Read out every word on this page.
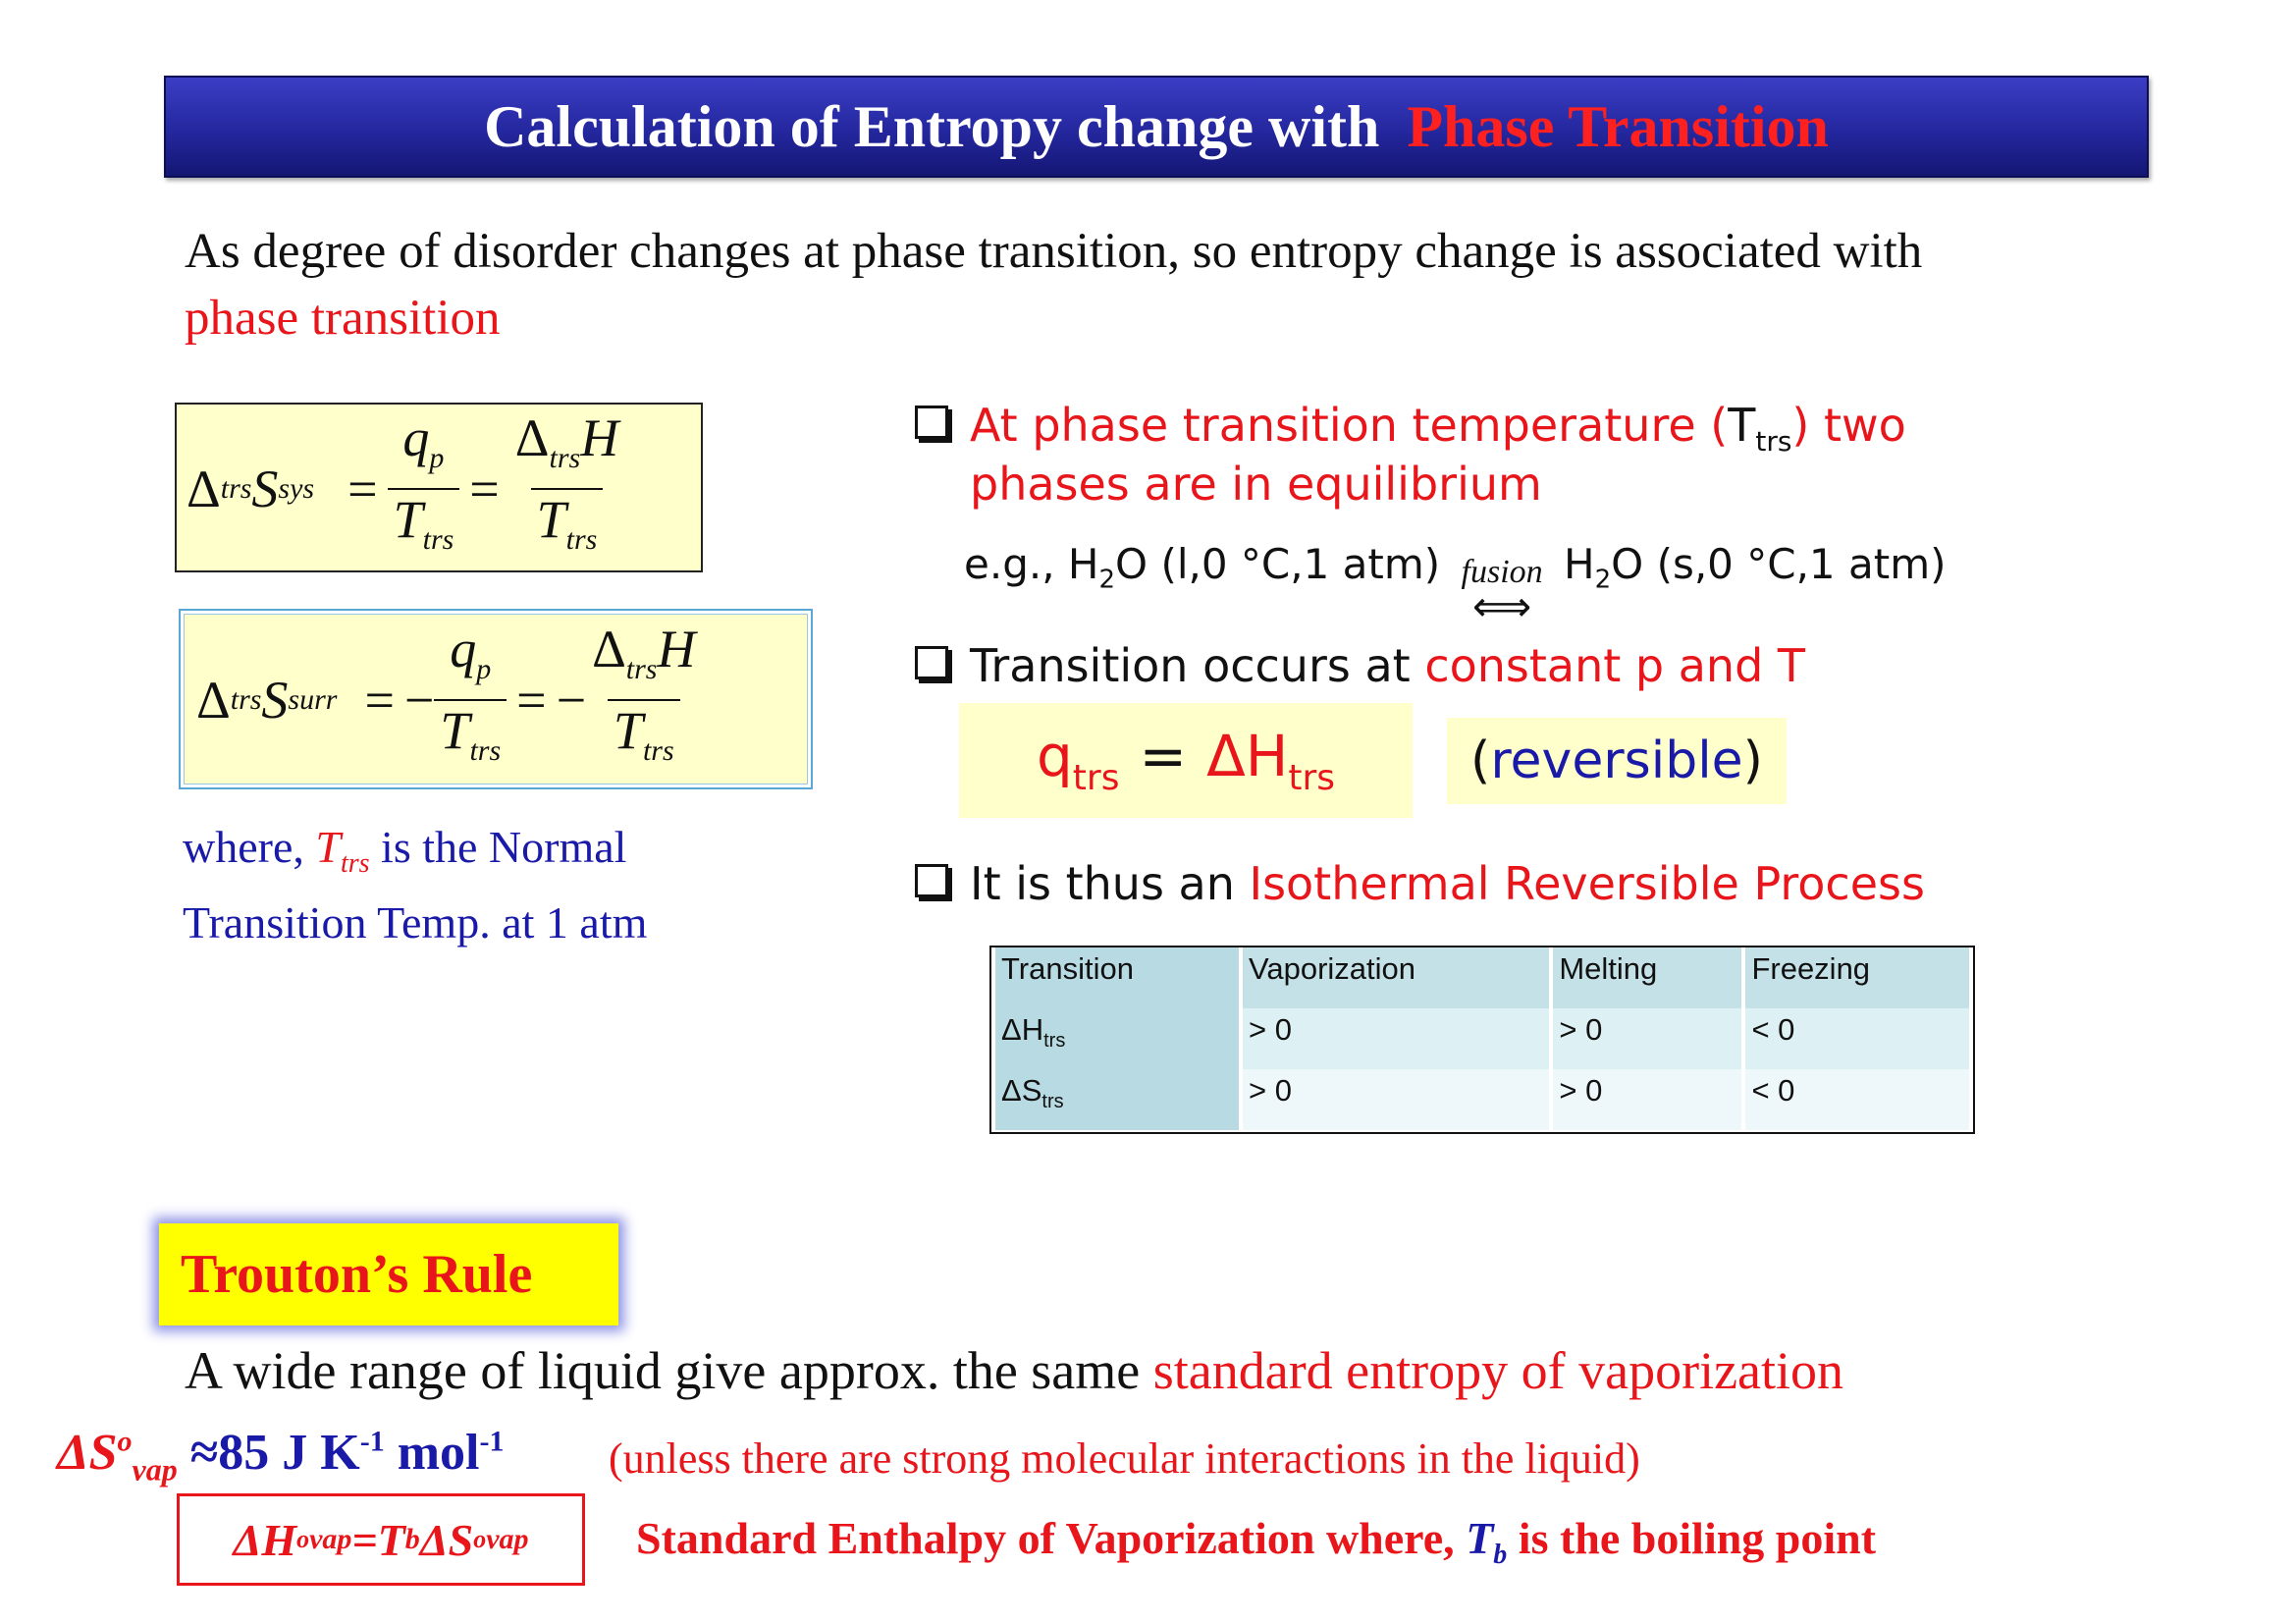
Calculation of Entropy change with Phase Transition
As degree of disorder changes at phase transition, so entropy change is associated with
phase transition
Δ trs S sys = $\frac{q_p}{T_{trs}} = \frac{\Delta_{trs}H}{T_{trs}}$
Δ trs S surr = − $\frac{q_p}{T_{trs}}$ = − $\frac{\Delta_{trs}H}{T_{trs}}$
where, $T_{trs}$ is the Normal
Transition Temp. at 1 atm
At phase transition temperature $(T_{trs})$ two
phases are in equilibrium
e.g., $H_2O$ (l,0 °C,1 atm) fusion
⟺
$H_2O$ (s,0 °C,1 atm)
Transition occurs at constant p and T
$q_{trs} = \Delta H_{trs}$	( reversible )
It is thus an Isothermal Reversible Process
Transition	Vaporization	Melting	Freezing
$\Delta H_{trs}$	> 0	> 0	< 0
$\Delta S_{trs}$	> 0	> 0	< 0
Trouton’s Rule
A wide range of liquid give approx. the same standard entropy of vaporization
$\Delta S^o_{vap} \approx 85$ J $K^{-1}$ mol$^{-1}$ (unless there are strong molecular interactions in the liquid)
ΔH o vap =T b ΔS o vap Standard Enthalpy of Vaporization where, $T_b$ is the boiling point
